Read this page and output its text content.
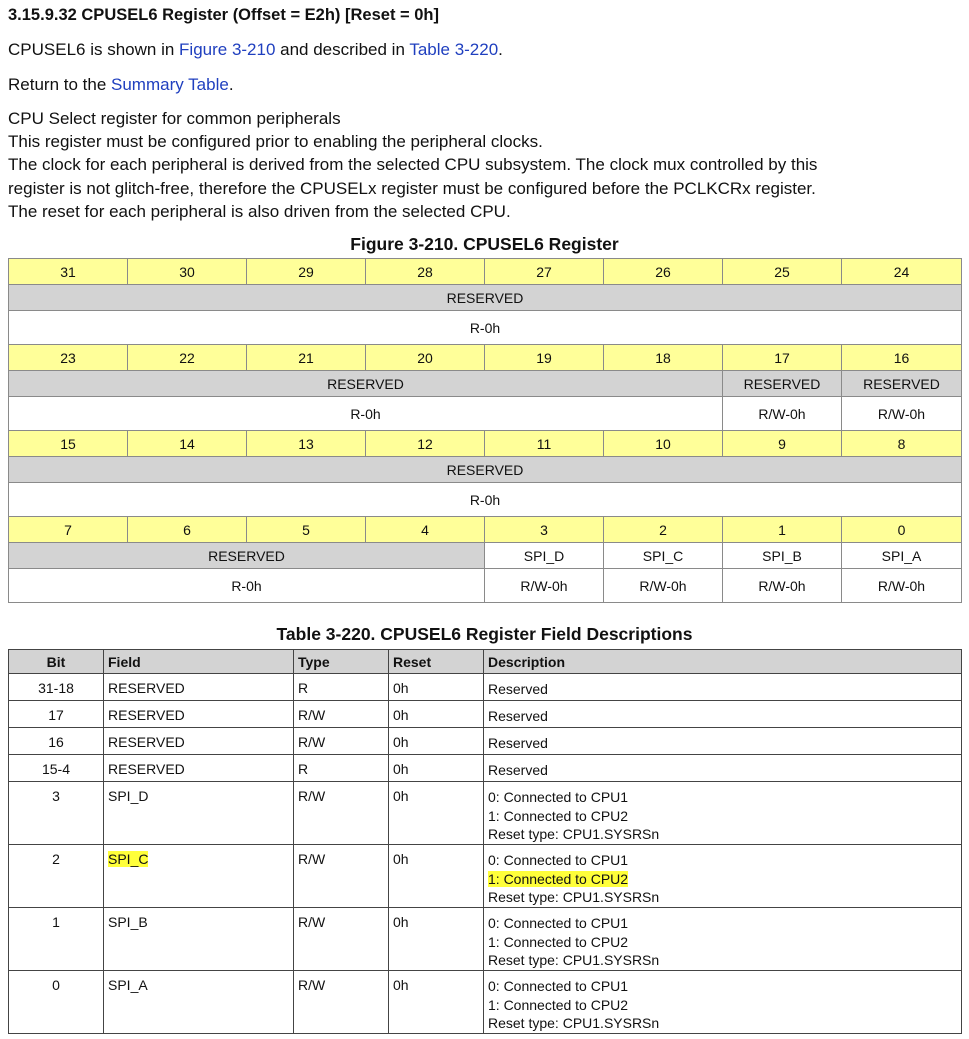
3.15.9.32 CPUSEL6 Register (Offset = E2h) [Reset = 0h]
CPUSEL6 is shown in Figure 3-210 and described in Table 3-220.
Return to the Summary Table.
CPU Select register for common peripherals
This register must be configured prior to enabling the peripheral clocks.
The clock for each peripheral is derived from the selected CPU subsystem. The clock mux controlled by this
register is not glitch-free, therefore the CPUSELx register must be configured before the PCLKCRx register.
The reset for each peripheral is also driven from the selected CPU.
Figure 3-210. CPUSEL6 Register
31	30	29	28	27	26	25	24
RESERVED							
R-0h							
23	22	21	20	19	18	17	16
RESERVED						RESERVED	RESERVED
R-0h						R/W-0h	R/W-0h
15	14	13	12	11	10	9	8
RESERVED							
R-0h							
7	6	5	4	3	2	1	0
RESERVED				SPI_D	SPI_C	SPI_B	SPI_A
R-0h				R/W-0h	R/W-0h	R/W-0h	R/W-0h
Table 3-220. CPUSEL6 Register Field Descriptions
Bit	Field	Type	Reset	Description
31-18	RESERVED	R	0h	Reserved

17	RESERVED	R/W	0h	Reserved

16	RESERVED	R/W	0h	Reserved

15-4	RESERVED	R	0h	Reserved

3	SPI_D	R/W	0h	0: Connected to CPU1
1: Connected to CPU2
Reset type: CPU1.SYSRSn

2	SPI_C	R/W	0h	0: Connected to CPU1
1: Connected to CPU2
Reset type: CPU1.SYSRSn

1	SPI_B	R/W	0h	0: Connected to CPU1
1: Connected to CPU2
Reset type: CPU1.SYSRSn

0	SPI_A	R/W	0h	0: Connected to CPU1
1: Connected to CPU2
Reset type: CPU1.SYSRSn
